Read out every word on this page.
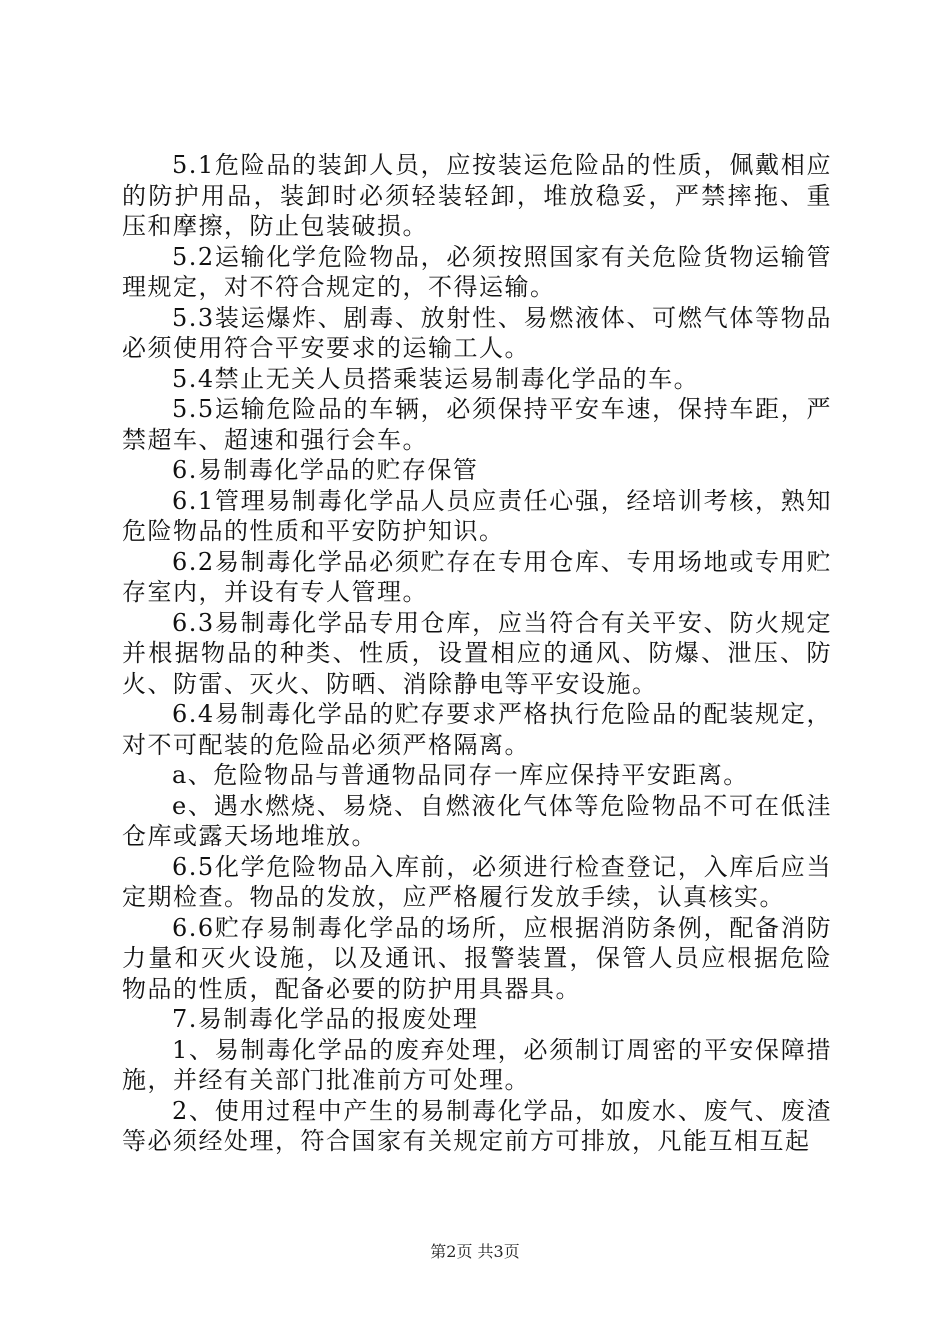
5.1危险品的装卸人员，应按装运危险品的性质，佩戴相应的防护用品，装卸时必须轻装轻卸，堆放稳妥，严禁摔拖、重压和摩擦，防止包装破损。

5.2运输化学危险物品，必须按照国家有关危险货物运输管理规定，对不符合规定的，不得运输。

5.3装运爆炸、剧毒、放射性、易燃液体、可燃气体等物品必须使用符合平安要求的运输工人。

5.4禁止无关人员搭乘装运易制毒化学品的车。

5.5运输危险品的车辆，必须保持平安车速，保持车距，严禁超车、超速和强行会车。

6.易制毒化学品的贮存保管

6.1管理易制毒化学品人员应责任心强，经培训考核，熟知危险物品的性质和平安防护知识。

6.2易制毒化学品必须贮存在专用仓库、专用场地或专用贮存室内，并设有专人管理。

6.3易制毒化学品专用仓库，应当符合有关平安、防火规定并根据物品的种类、性质，设置相应的通风、防爆、泄压、防火、防雷、灭火、防晒、消除静电等平安设施。

6.4易制毒化学品的贮存要求严格执行危险品的配装规定，对不可配装的危险品必须严格隔离。

a、危险物品与普通物品同存一库应保持平安距离。

e、遇水燃烧、易烧、自燃液化气体等危险物品不可在低洼仓库或露天场地堆放。

6.5化学危险物品入库前，必须进行检查登记，入库后应当定期检查。物品的发放，应严格履行发放手续，认真核实。

6.6贮存易制毒化学品的场所，应根据消防条例，配备消防力量和灭火设施，以及通讯、报警装置，保管人员应根据危险物品的性质，配备必要的防护用具器具。

7.易制毒化学品的报废处理

1、易制毒化学品的废弃处理，必须制订周密的平安保障措施，并经有关部门批准前方可处理。

2、使用过程中产生的易制毒化学品，如废水、废气、废渣等必须经处理，符合国家有关规定前方可排放，凡能互相互起

第2页 共3页
